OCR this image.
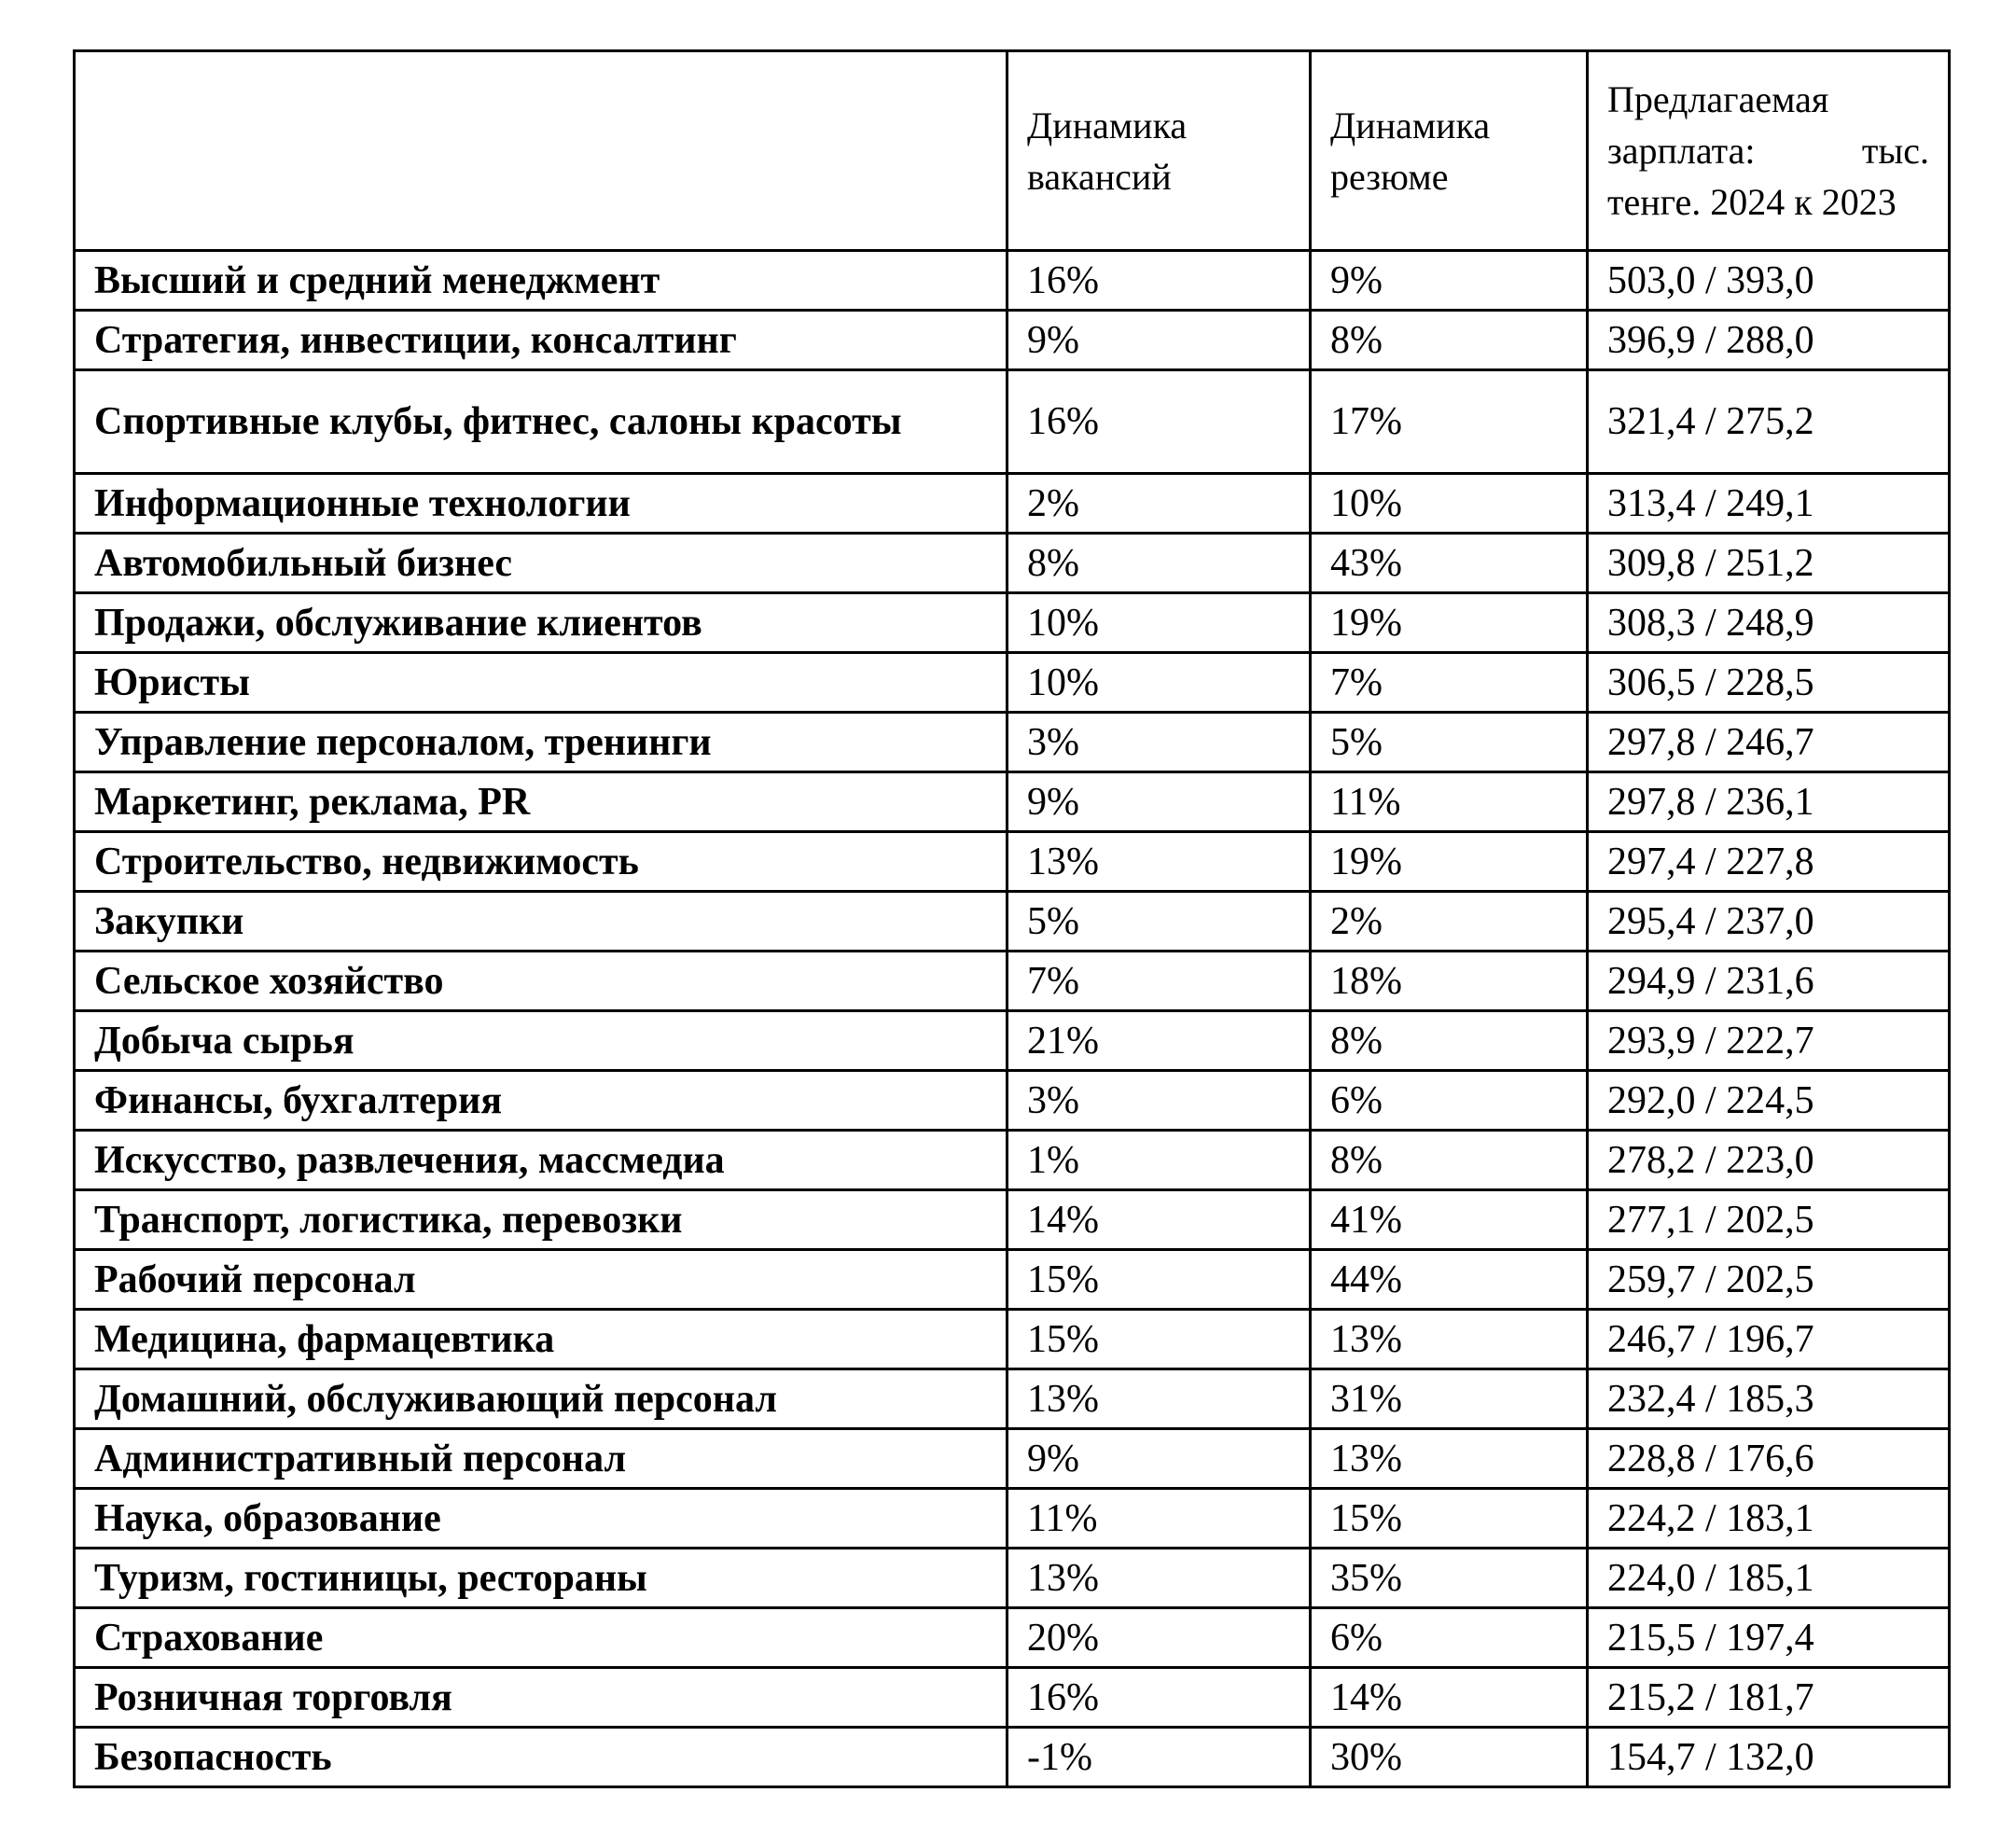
	Динамика вакансий	Динамика резюме	Предлагаемая зарплата: тыс. тенге. 2024 к 2023
Высший и средний менеджмент	16%	9%	503,0 / 393,0
Стратегия, инвестиции, консалтинг	9%	8%	396,9 / 288,0
Спортивные клубы, фитнес, салоны красоты	16%	17%	321,4 / 275,2
Информационные технологии	2%	10%	313,4 / 249,1
Автомобильный бизнес	8%	43%	309,8 / 251,2
Продажи, обслуживание клиентов	10%	19%	308,3 / 248,9
Юристы	10%	7%	306,5 / 228,5
Управление персоналом, тренинги	3%	5%	297,8 / 246,7
Маркетинг, реклама, PR	9%	11%	297,8 / 236,1
Строительство, недвижимость	13%	19%	297,4 / 227,8
Закупки	5%	2%	295,4 / 237,0
Сельское хозяйство	7%	18%	294,9 / 231,6
Добыча сырья	21%	8%	293,9 / 222,7
Финансы, бухгалтерия	3%	6%	292,0 / 224,5
Искусство, развлечения, массмедиа	1%	8%	278,2 / 223,0
Транспорт, логистика, перевозки	14%	41%	277,1 / 202,5
Рабочий персонал	15%	44%	259,7 / 202,5
Медицина, фармацевтика	15%	13%	246,7 / 196,7
Домашний, обслуживающий персонал	13%	31%	232,4 / 185,3
Административный персонал	9%	13%	228,8 / 176,6
Наука, образование	11%	15%	224,2 / 183,1
Туризм, гостиницы, рестораны	13%	35%	224,0 / 185,1
Страхование	20%	6%	215,5 / 197,4
Розничная торговля	16%	14%	215,2 / 181,7
Безопасность	-1%	30%	154,7 / 132,0
